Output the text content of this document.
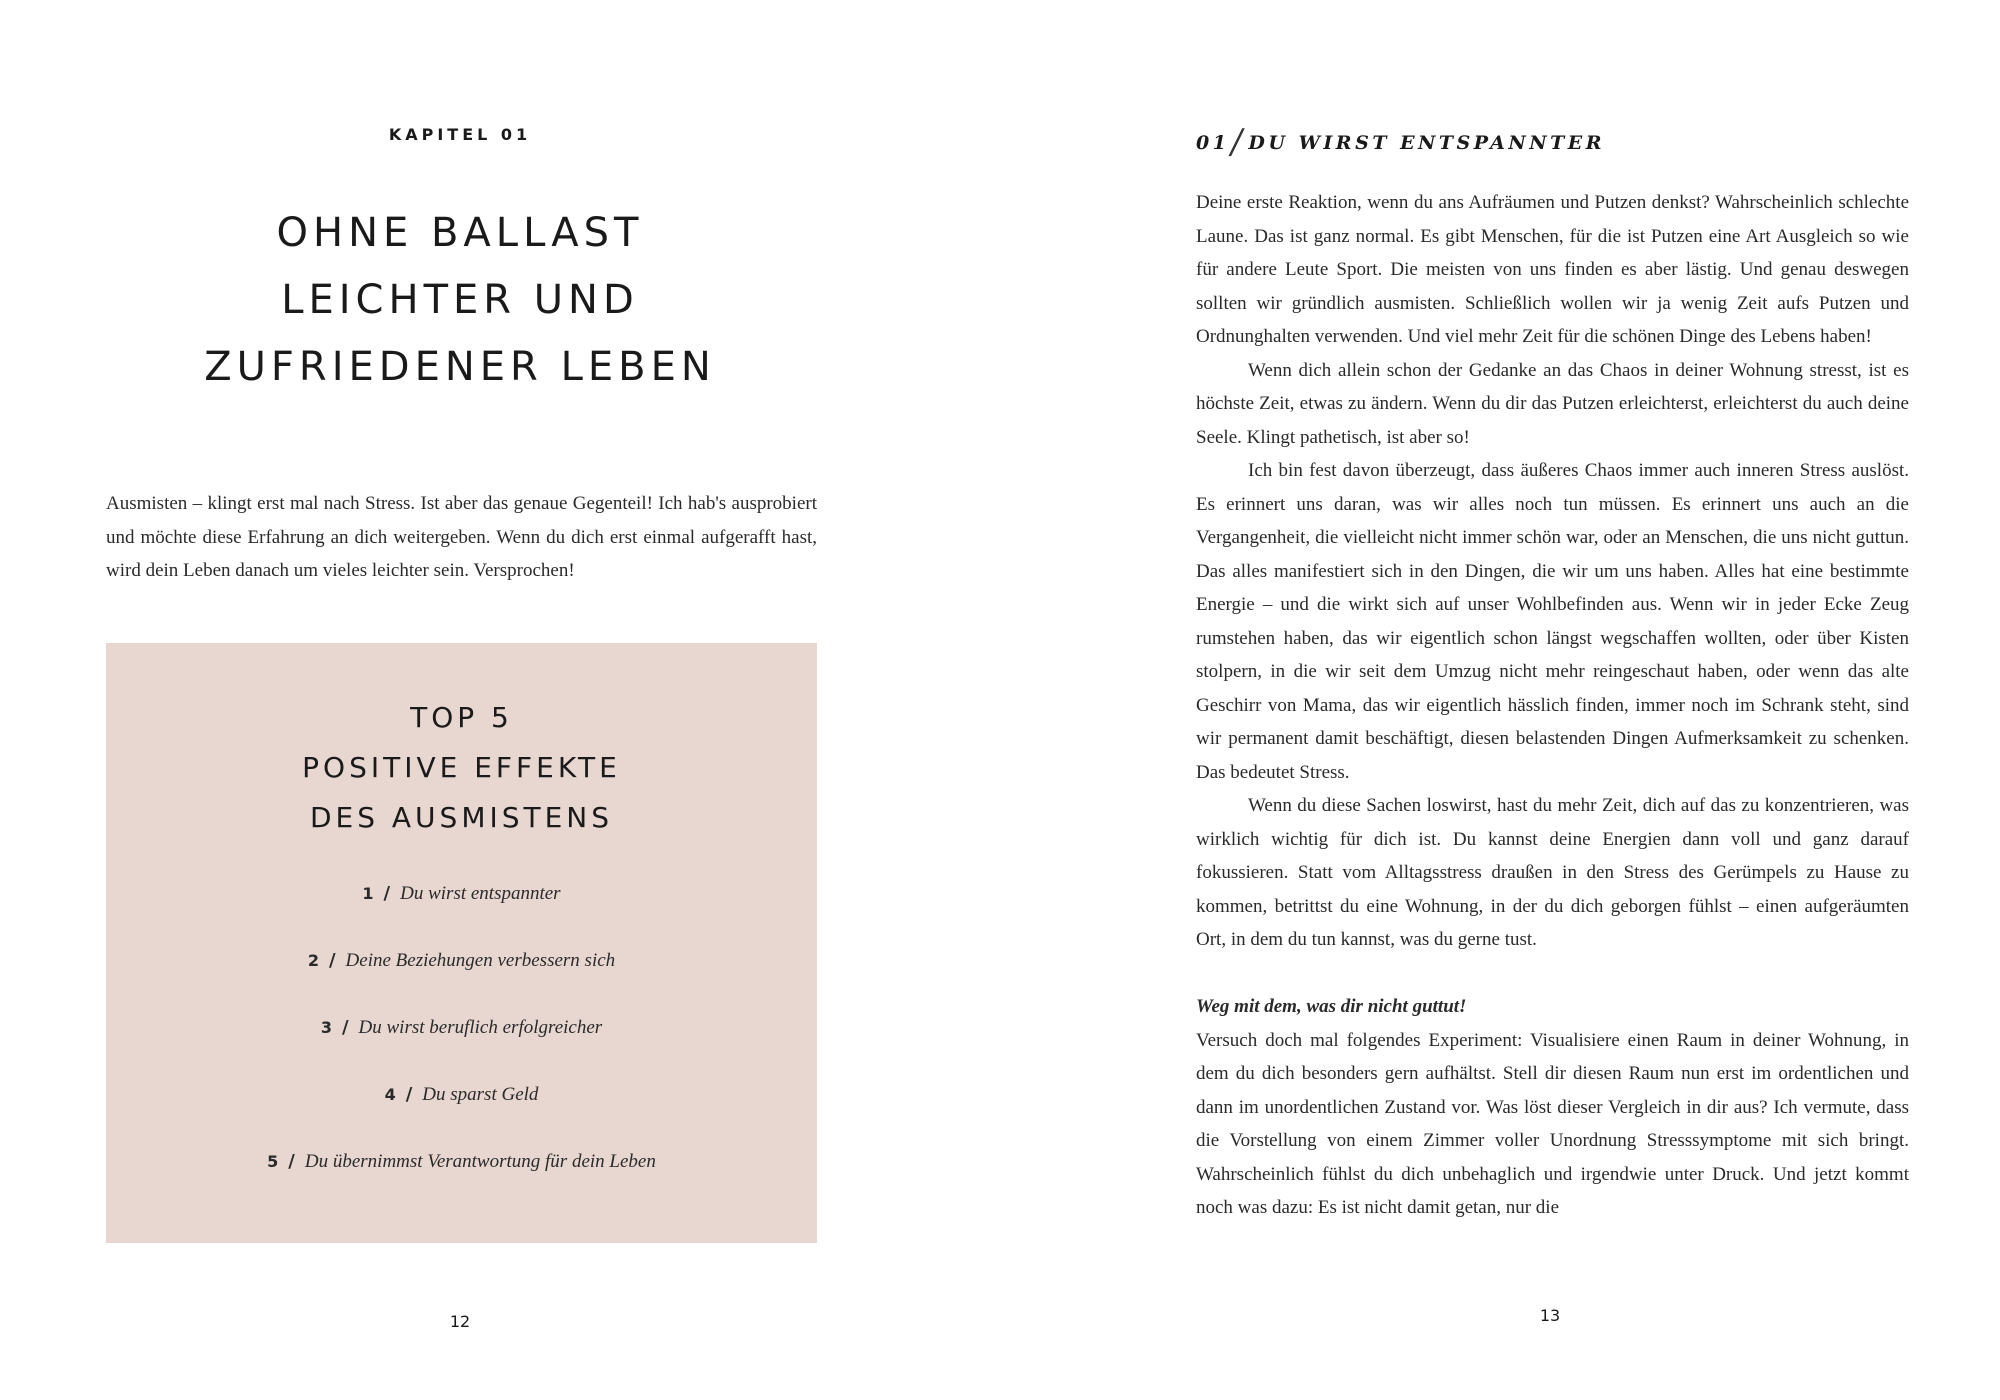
KAPITEL 01
OHNE BALLAST
LEICHTER UND
ZUFRIEDENER LEBEN

Ausmisten – klingt erst mal nach Stress. Ist aber das genaue Gegenteil! Ich hab's ausprobiert und möchte diese Erfahrung an dich weitergeben. Wenn du dich erst einmal aufgerafft hast, wird dein Leben danach um vieles leichter sein. Versprochen!

TOP 5
POSITIVE EFFEKTE
DES AUSMISTENS
1 / Du wirst entspannter
2 / Deine Beziehungen verbessern sich
3 / Du wirst beruflich erfolgreicher
4 / Du sparst Geld
5 / Du übernimmst Verantwortung für dein Leben
12
01/DU WIRST ENTSPANNTER

Deine erste Reaktion, wenn du ans Aufräumen und Putzen denkst? Wahrscheinlich schlechte Laune. Das ist ganz normal. Es gibt Menschen, für die ist Putzen eine Art Ausgleich so wie für andere Leute Sport. Die meisten von uns finden es aber lästig. Und genau deswegen sollten wir gründlich ausmisten. Schließlich wollen wir ja wenig Zeit aufs Putzen und Ordnunghalten verwenden. Und viel mehr Zeit für die schönen Dinge des Lebens haben!

Wenn dich allein schon der Gedanke an das Chaos in deiner Wohnung stresst, ist es höchste Zeit, etwas zu ändern. Wenn du dir das Putzen erleichterst, erleichterst du auch deine Seele. Klingt pathetisch, ist aber so!

Ich bin fest davon überzeugt, dass äußeres Chaos immer auch inneren Stress auslöst. Es erinnert uns daran, was wir alles noch tun müssen. Es erinnert uns auch an die Vergangenheit, die vielleicht nicht immer schön war, oder an Menschen, die uns nicht guttun. Das alles manifestiert sich in den Dingen, die wir um uns haben. Alles hat eine bestimmte Energie – und die wirkt sich auf unser Wohlbefinden aus. Wenn wir in jeder Ecke Zeug rumstehen haben, das wir eigentlich schon längst wegschaffen wollten, oder über Kisten stolpern, in die wir seit dem Umzug nicht mehr reingeschaut haben, oder wenn das alte Geschirr von Mama, das wir eigentlich hässlich finden, immer noch im Schrank steht, sind wir permanent damit beschäftigt, diesen belastenden Dingen Aufmerksamkeit zu schenken. Das bedeutet Stress.

Wenn du diese Sachen loswirst, hast du mehr Zeit, dich auf das zu konzentrieren, was wirklich wichtig für dich ist. Du kannst deine Energien dann voll und ganz darauf fokussieren. Statt vom Alltagsstress draußen in den Stress des Gerümpels zu Hause zu kommen, betrittst du eine Wohnung, in der du dich geborgen fühlst – einen aufgeräumten Ort, in dem du tun kannst, was du gerne tust.

Weg mit dem, was dir nicht guttut!

Versuch doch mal folgendes Experiment: Visualisiere einen Raum in deiner Wohnung, in dem du dich besonders gern aufhältst. Stell dir diesen Raum nun erst im ordentlichen und dann im unordentlichen Zustand vor. Was löst dieser Vergleich in dir aus? Ich vermute, dass die Vorstellung von einem Zimmer voller Unordnung Stresssymptome mit sich bringt. Wahrscheinlich fühlst du dich unbehaglich und irgendwie unter Druck. Und jetzt kommt noch was dazu: Es ist nicht damit getan, nur die

13
